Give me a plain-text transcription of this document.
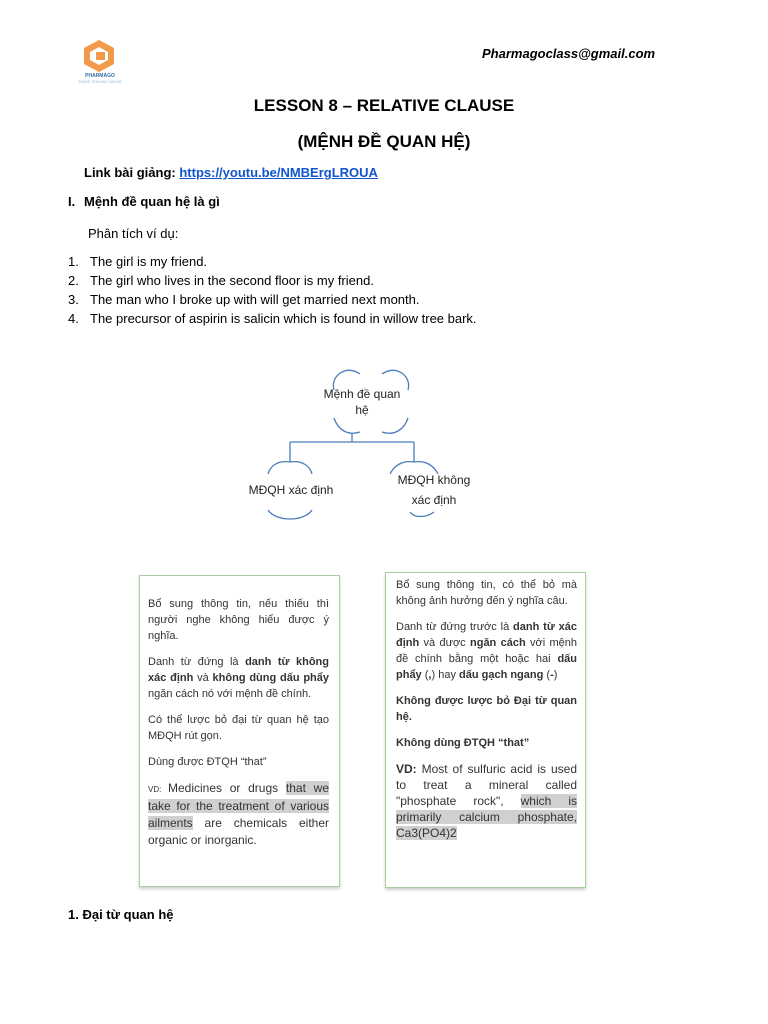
PHARMAGO
SHARE TRAINING ONLINE
Pharmagoclass@gmail.com
LESSON 8 – RELATIVE CLAUSE
(MỆNH ĐỀ QUAN HỆ)
Link bài giảng: https://youtu.be/NMBErgLROUA
I. Mệnh đề quan hệ là gì
Phân tích ví dụ:
1. The girl is my friend.
2. The girl who lives in the second floor is my friend.
3. The man who I broke up with will get married next month.
4. The precursor of aspirin is salicin which is found in willow tree bark.
Mệnh đề quan
hệ
MĐQH xác định
MĐQH không
xác định

Bổ sung thông tin, nếu thiếu thì người nghe không hiểu được ý nghĩa.

Danh từ đứng là danh từ không xác định và không dùng dấu phẩy ngăn cách nó với mệnh đề chính.

Có thể lược bỏ đại từ quan hệ tạo MĐQH rút gọn.

Dùng được ĐTQH “that”

VD: Medicines or drugs that we take for the treatment of various ailments are chemicals either organic or inorganic.

Bổ sung thông tin, có thể bỏ mà không ảnh hưởng đến ý nghĩa câu.

Danh từ đứng trước là danh từ xác định và được ngăn cách với mệnh đề chính bằng một hoặc hai dấu phẩy (,) hay dấu gạch ngang (-)

Không được lược bỏ Đại từ quan hệ.

Không dùng ĐTQH “that”

VD: Most of sulfuric acid is used to treat a mineral called "phosphate rock", which is primarily calcium phosphate, Ca3(PO4)2

1. Đại từ quan hệ
